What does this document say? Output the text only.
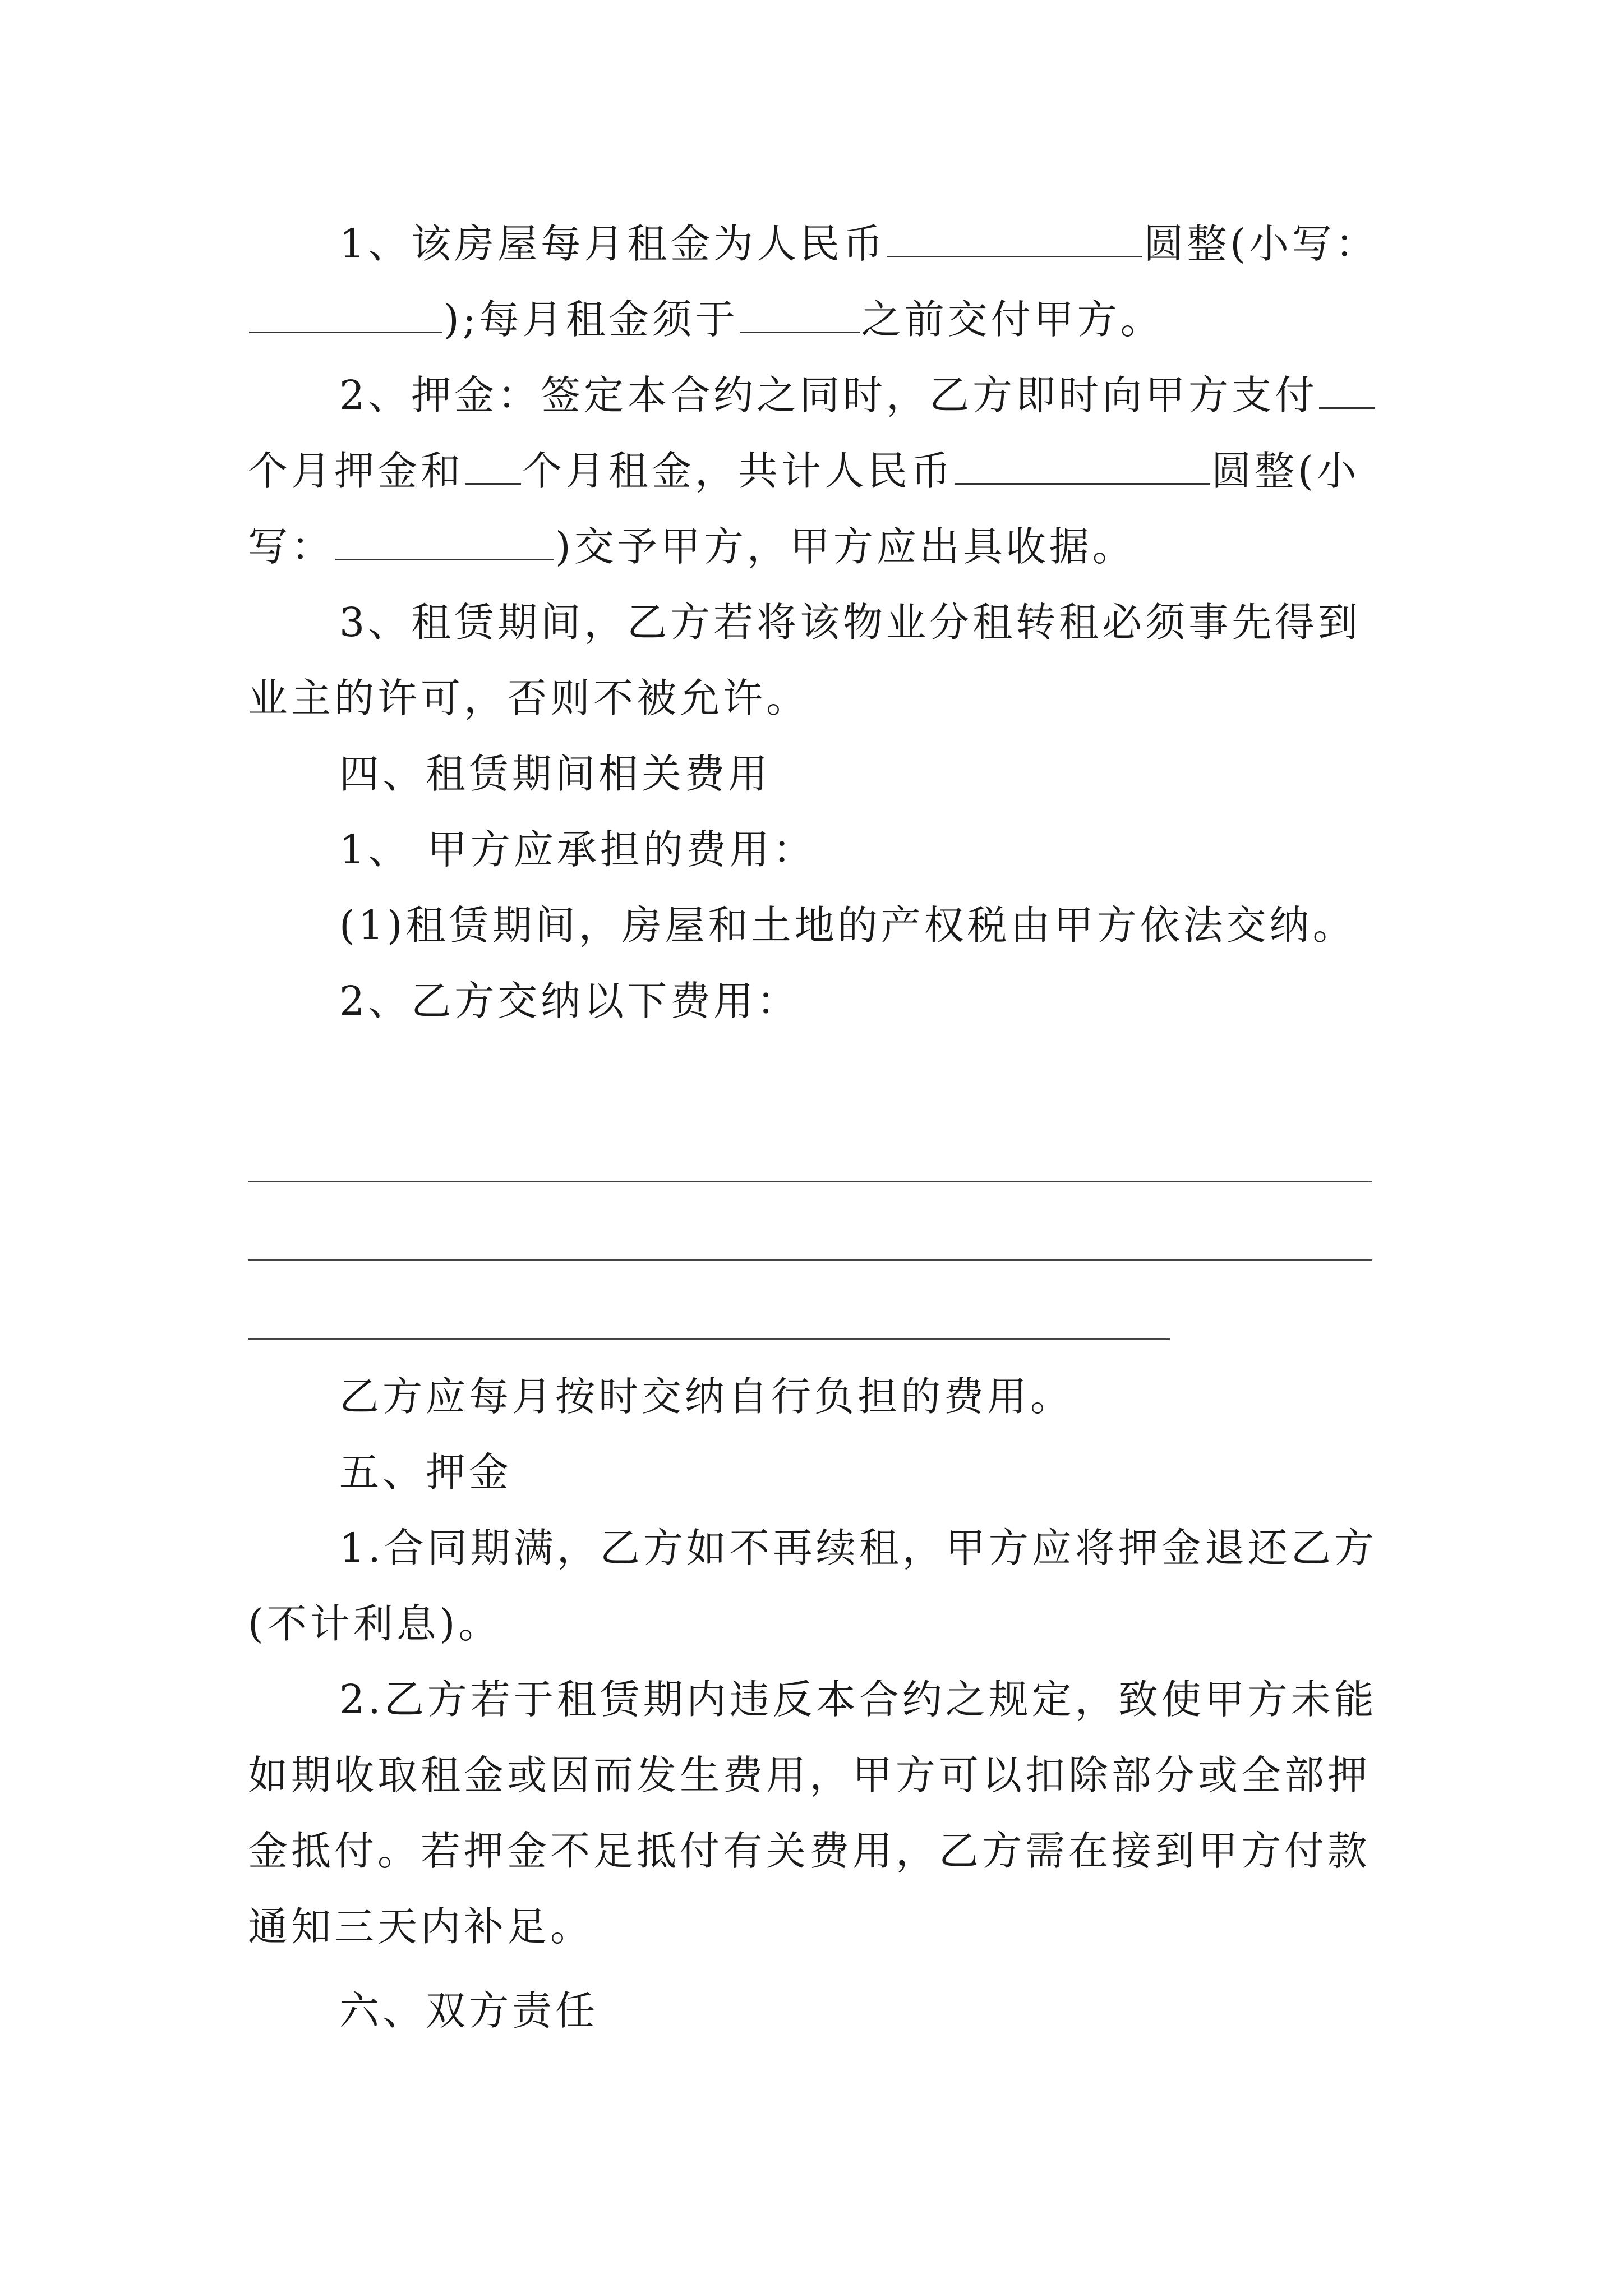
1、该房屋每月租金为人民币	圆整(小写：
);每月租金须于	之前交付甲方。
2、押金：签定本合约之同时，乙方即时向甲方支付
个月押金和 个月租金，共计人民币	圆整(小
写：	)交予甲方，甲方应出具收据。
3、租赁期间，乙方若将该物业分租转租必须事先得到
业主的许可，否则不被允许。
四、租赁期间相关费用
1、 甲方应承担的费用：
(1)租赁期间，房屋和土地的产权税由甲方依法交纳。
2、乙方交纳以下费用：
乙方应每月按时交纳自行负担的费用。
五、押金
1.合同期满，乙方如不再续租，甲方应将押金退还乙方
(不计利息)。
2.乙方若于租赁期内违反本合约之规定，致使甲方未能
如期收取租金或因而发生费用，甲方可以扣除部分或全部押
金抵付。若押金不足抵付有关费用，乙方需在接到甲方付款
通知三天内补足。
六、双方责任
